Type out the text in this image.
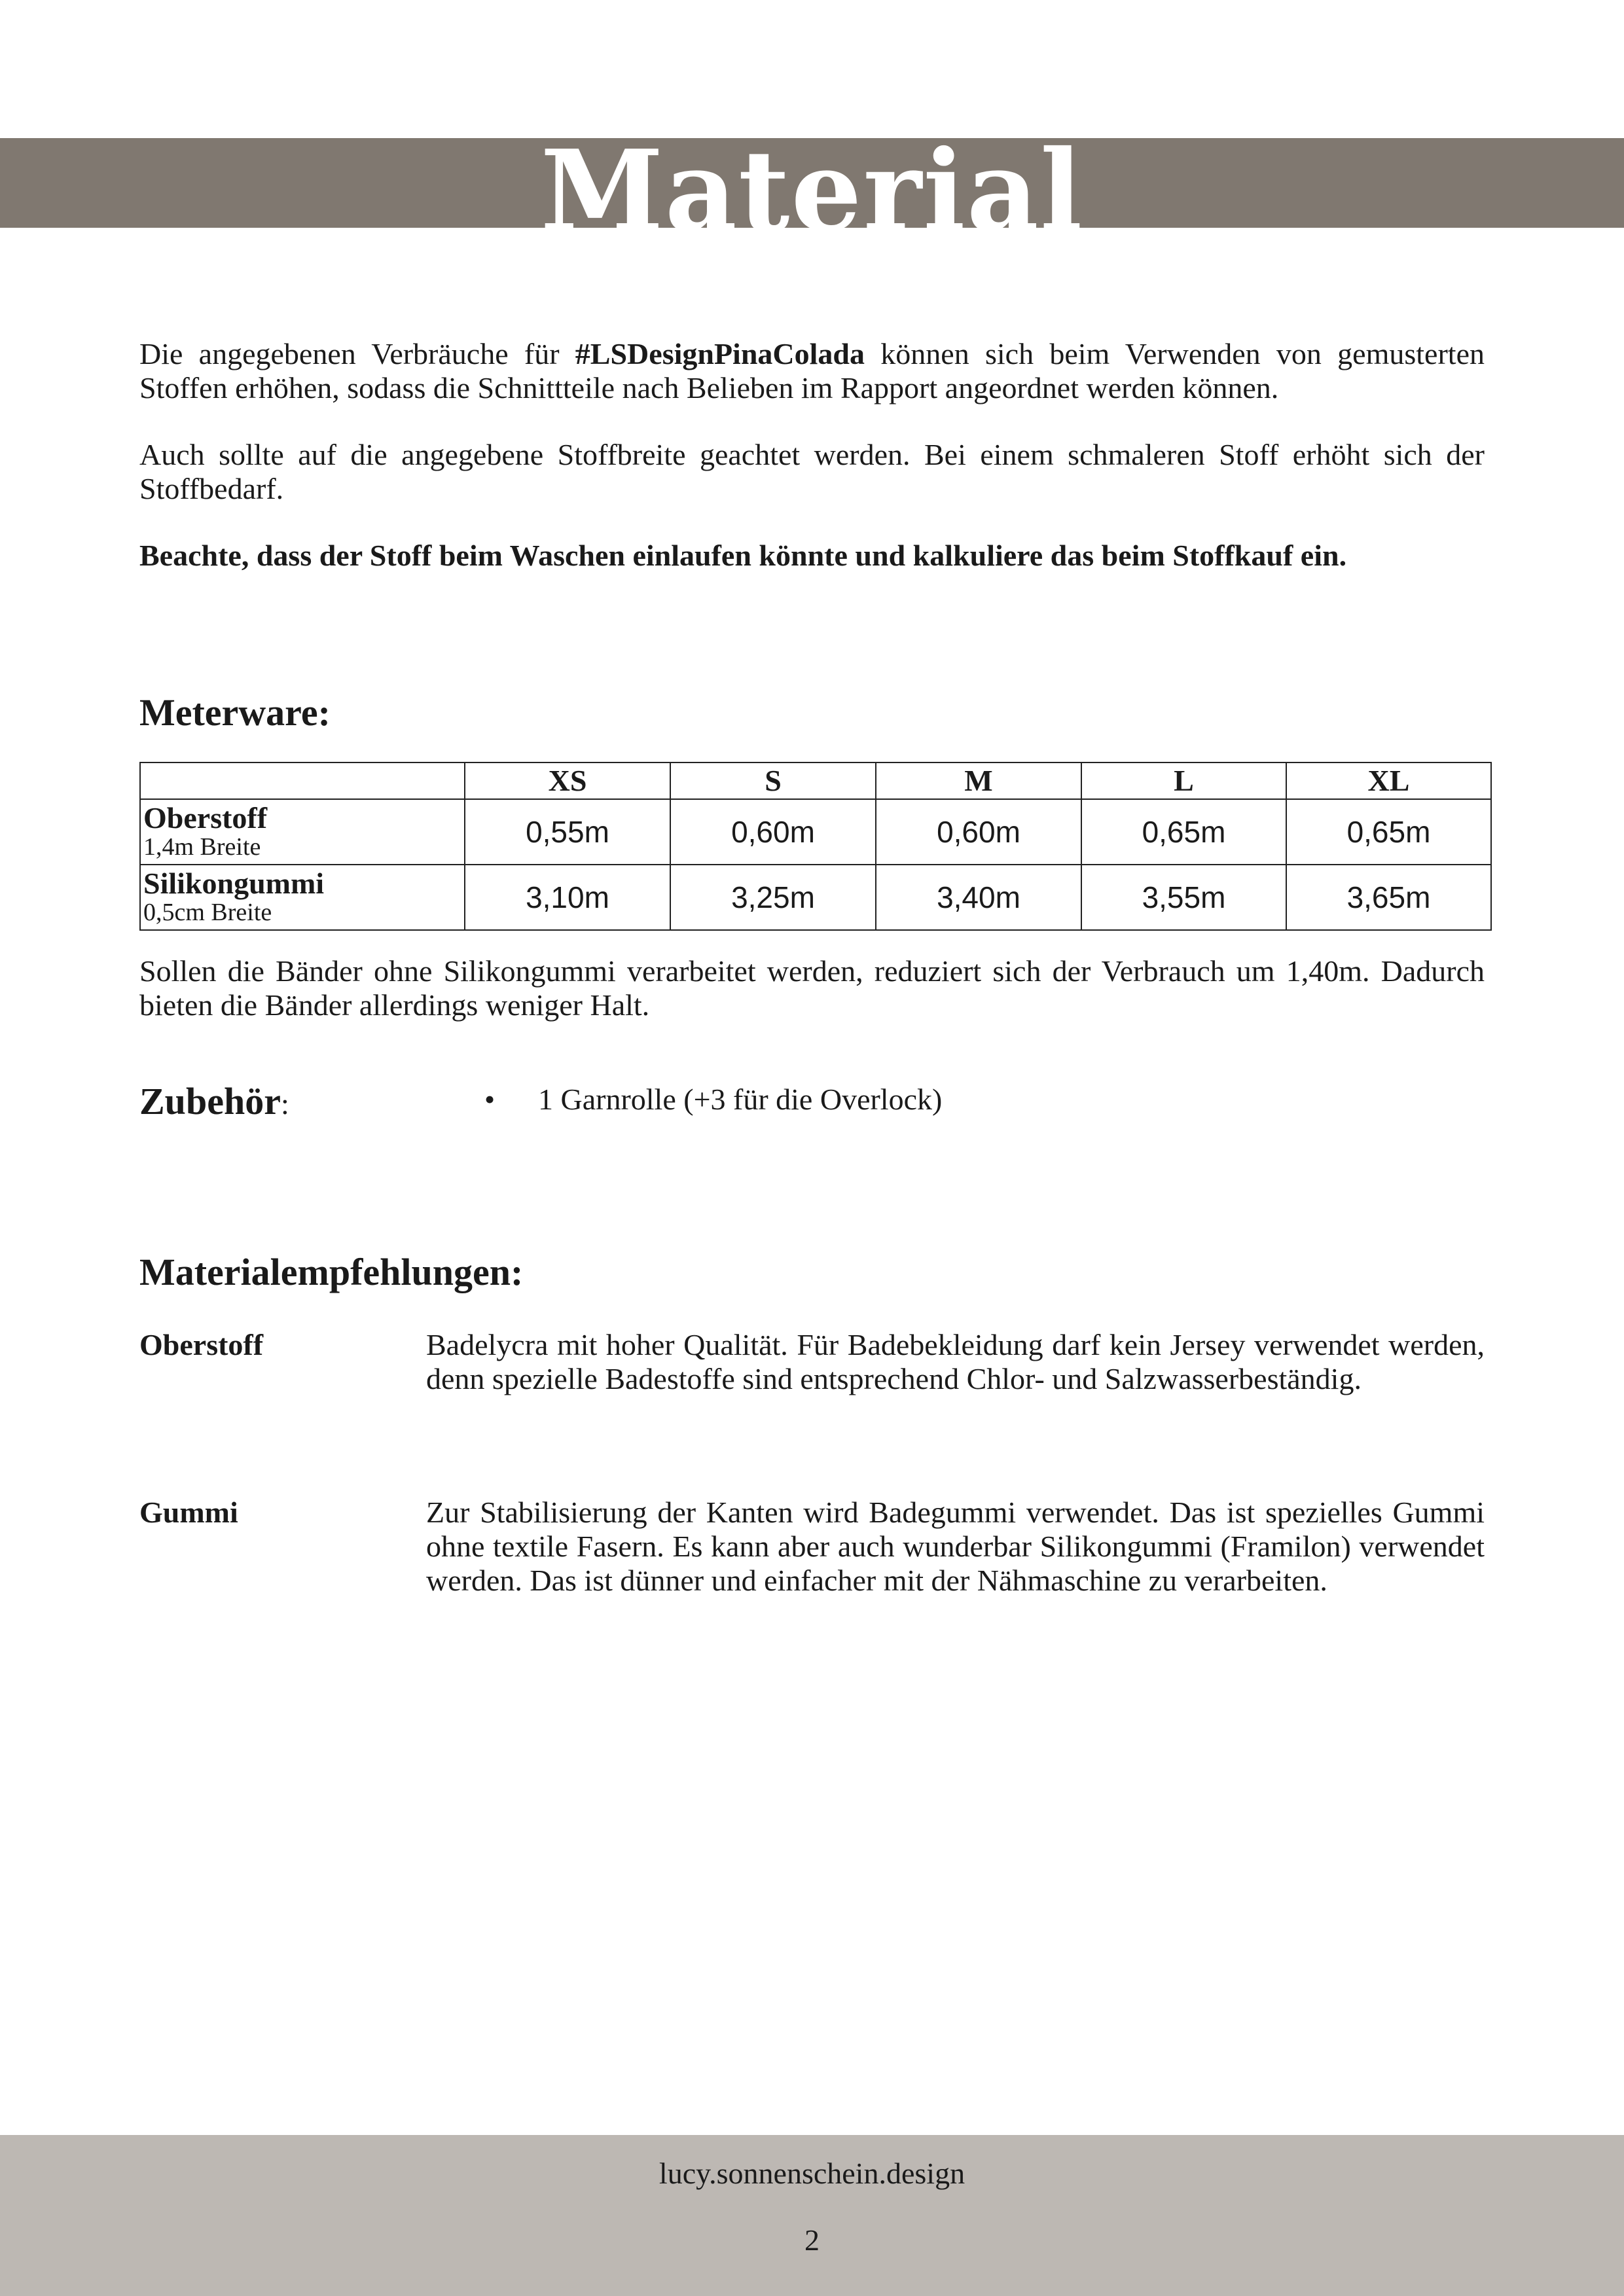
Material

Die angegebenen Verbräuche für #LSDesignPinaColada können sich beim Verwenden von gemusterten Stoffen erhöhen, sodass die Schnittteile nach Belieben im Rapport angeordnet werden können.

Auch sollte auf die angegebene Stoffbreite geachtet werden. Bei einem schmaleren Stoff erhöht sich der Stoffbedarf.

Beachte, dass der Stoff beim Waschen einlaufen könnte und kalkuliere das beim Stoffkauf ein.

Meterware:
	XS	S	M	L	XL

Oberstoff
1,4m Breite	0,55m	0,60m	0,60m	0,65m	0,65m

Silikongummi
0,5cm Breite	3,10m	3,25m	3,40m	3,55m	3,65m

Sollen die Bänder ohne Silikongummi verarbeitet werden, reduziert sich der Verbrauch um 1,40m. Dadurch bieten die Bänder allerdings weniger Halt.

Zubehör:	• 1 Garnrolle (+3 für die Overlock)
Materialempfehlungen:
Oberstoff	Badelycra mit hoher Qualität. Für Badebekleidung darf kein Jersey verwendet werden, denn spezielle Badestoffe sind entsprechend Chlor- und Salzwasserbeständig.

Gummi	Zur Stabilisierung der Kanten wird Badegummi verwendet. Das ist spezielles Gummi ohne textile Fasern. Es kann aber auch wunderbar Silikongummi (Framilon) verwendet werden. Das ist dünner und einfacher mit der Nähmaschine zu verarbeiten.

lucy.sonnenschein.design
2
